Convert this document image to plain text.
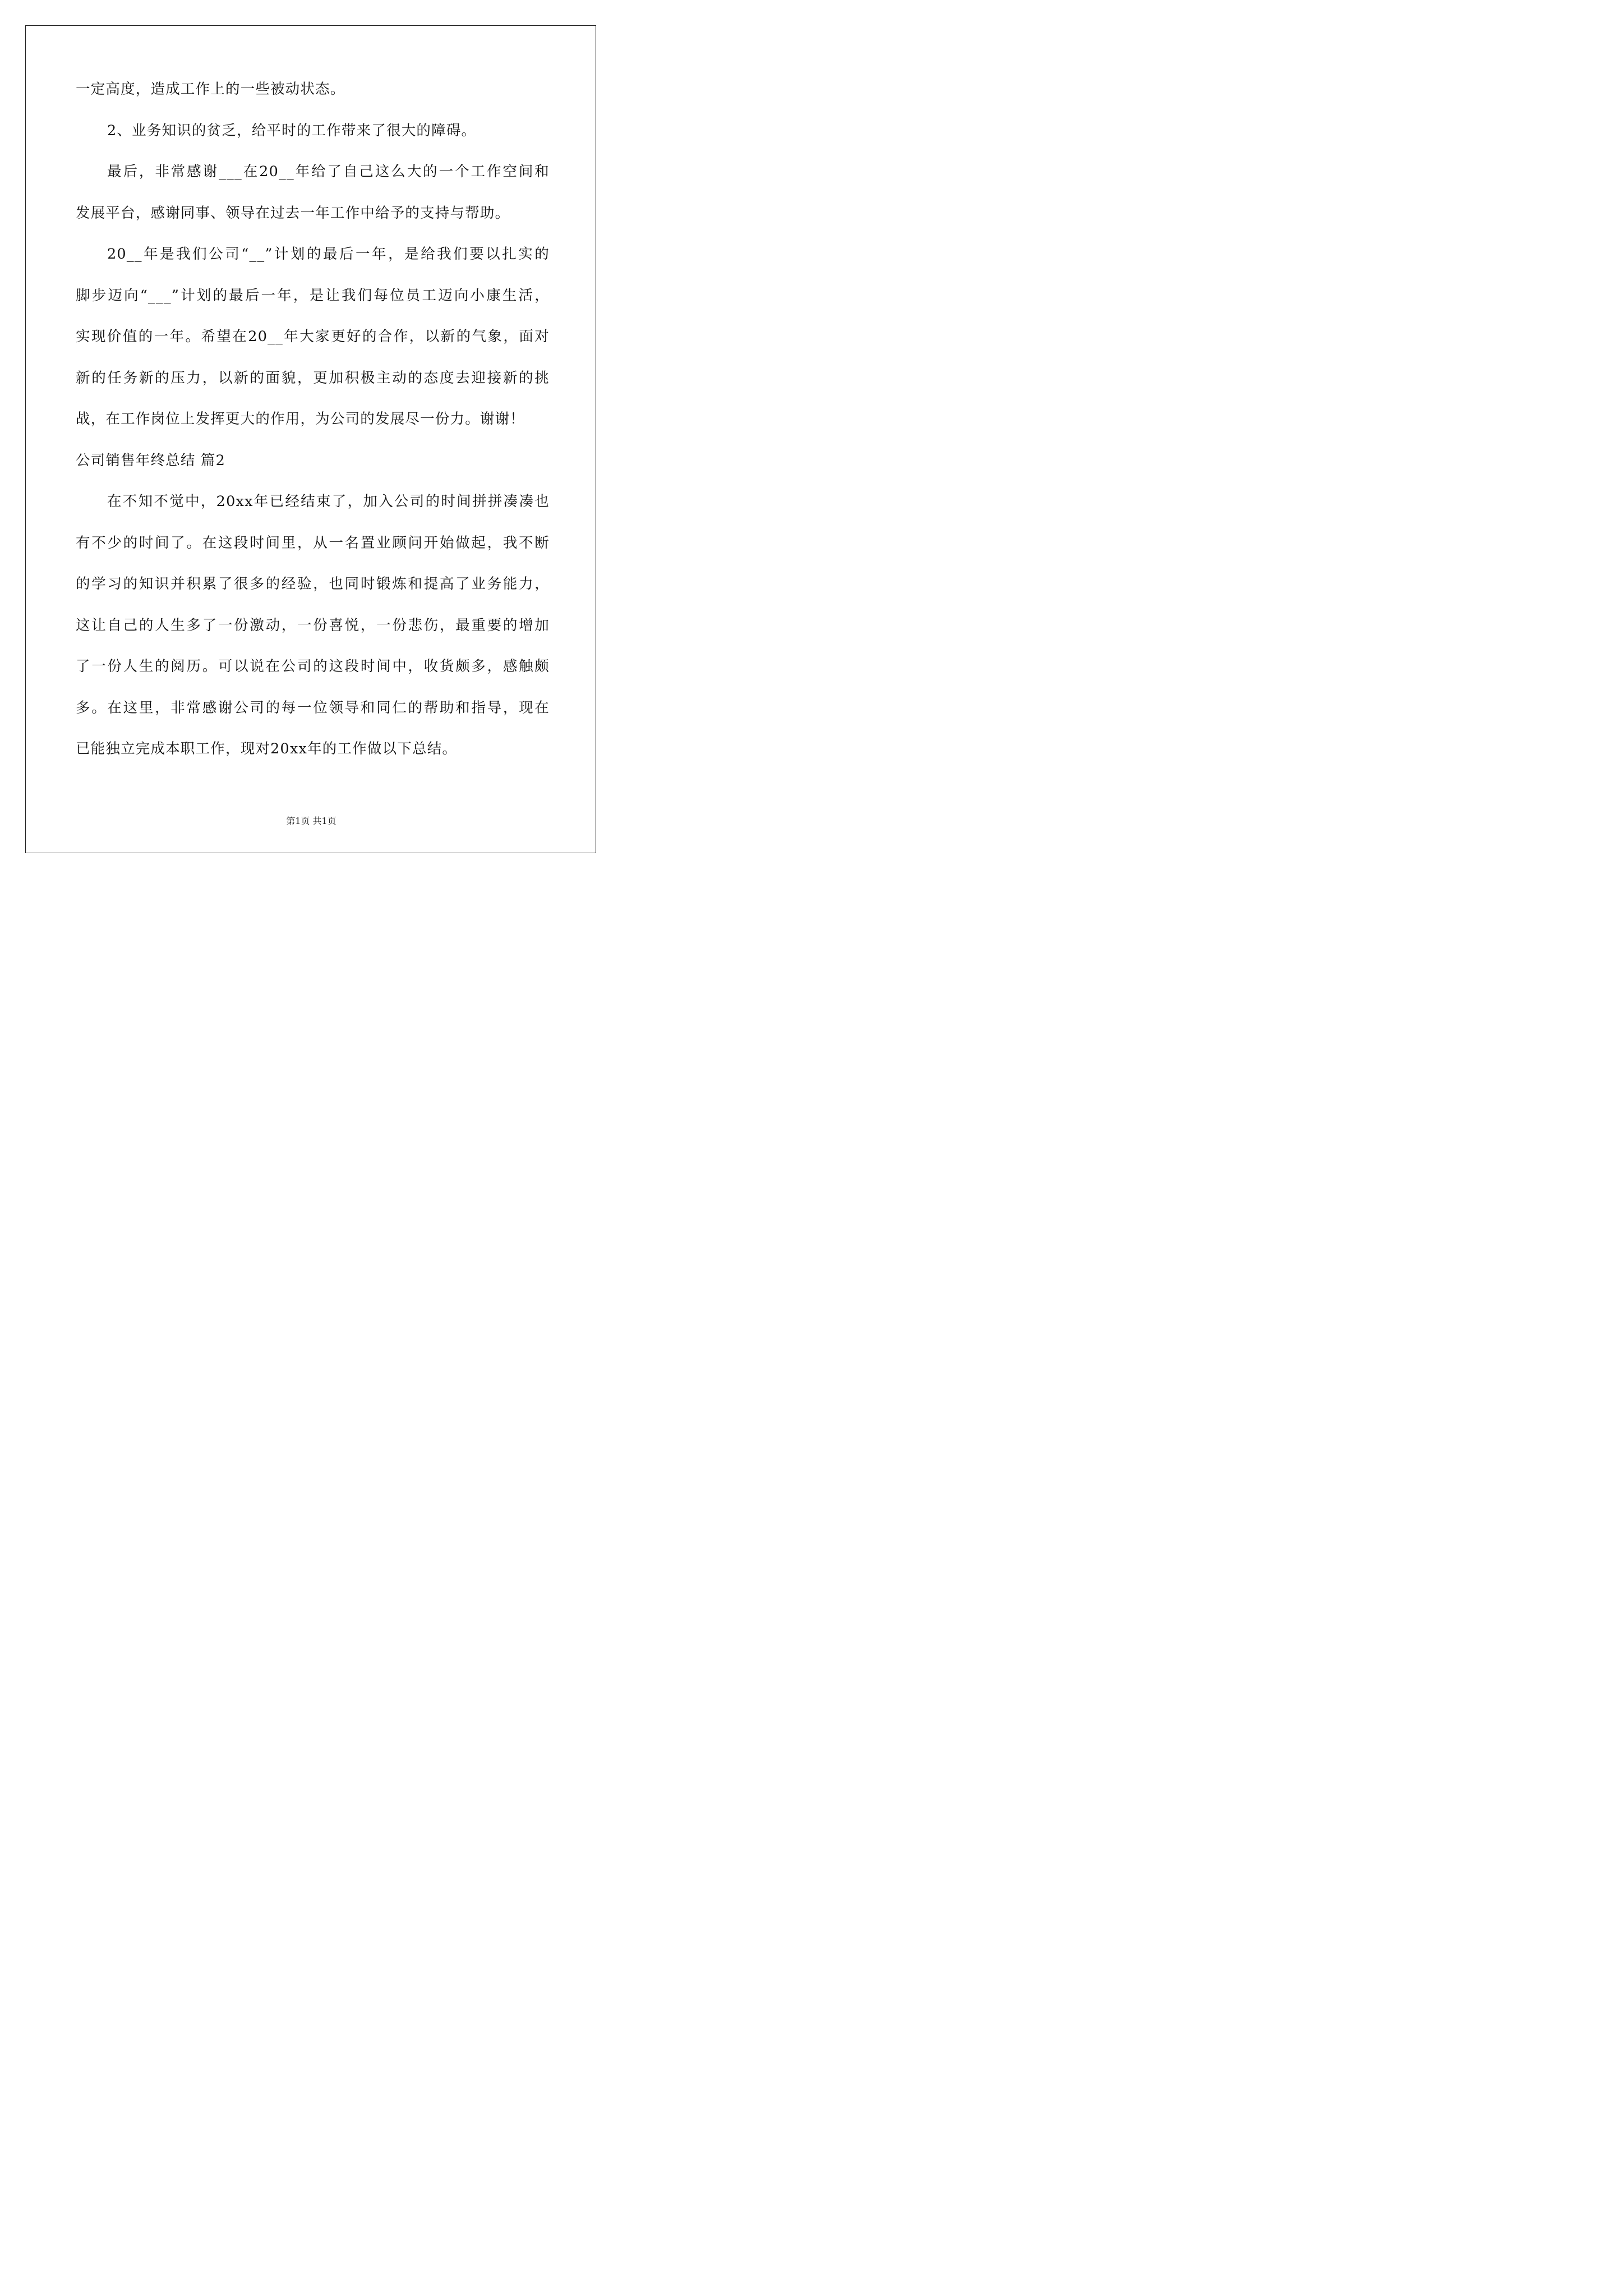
一定高度，造成工作上的一些被动状态。
2、业务知识的贫乏，给平时的工作带来了很大的障碍。
最后，非常感谢___在20__年给了自己这么大的一个工作空间和
发展平台，感谢同事、领导在过去一年工作中给予的支持与帮助。
20__年是我们公司“__”计划的最后一年，是给我们要以扎实的
脚步迈向“___”计划的最后一年，是让我们每位员工迈向小康生活，
实现价值的一年。希望在20__年大家更好的合作，以新的气象，面对
新的任务新的压力，以新的面貌，更加积极主动的态度去迎接新的挑
战，在工作岗位上发挥更大的作用，为公司的发展尽一份力。谢谢！
公司销售年终总结 篇2
在不知不觉中，20xx年已经结束了，加入公司的时间拼拼凑凑也
有不少的时间了。在这段时间里，从一名置业顾问开始做起，我不断
的学习的知识并积累了很多的经验，也同时锻炼和提高了业务能力，
这让自己的人生多了一份激动，一份喜悦，一份悲伤，最重要的增加
了一份人生的阅历。可以说在公司的这段时间中，收货颇多，感触颇
多。在这里，非常感谢公司的每一位领导和同仁的帮助和指导，现在
已能独立完成本职工作，现对20xx年的工作做以下总结。
第1页 共1页
